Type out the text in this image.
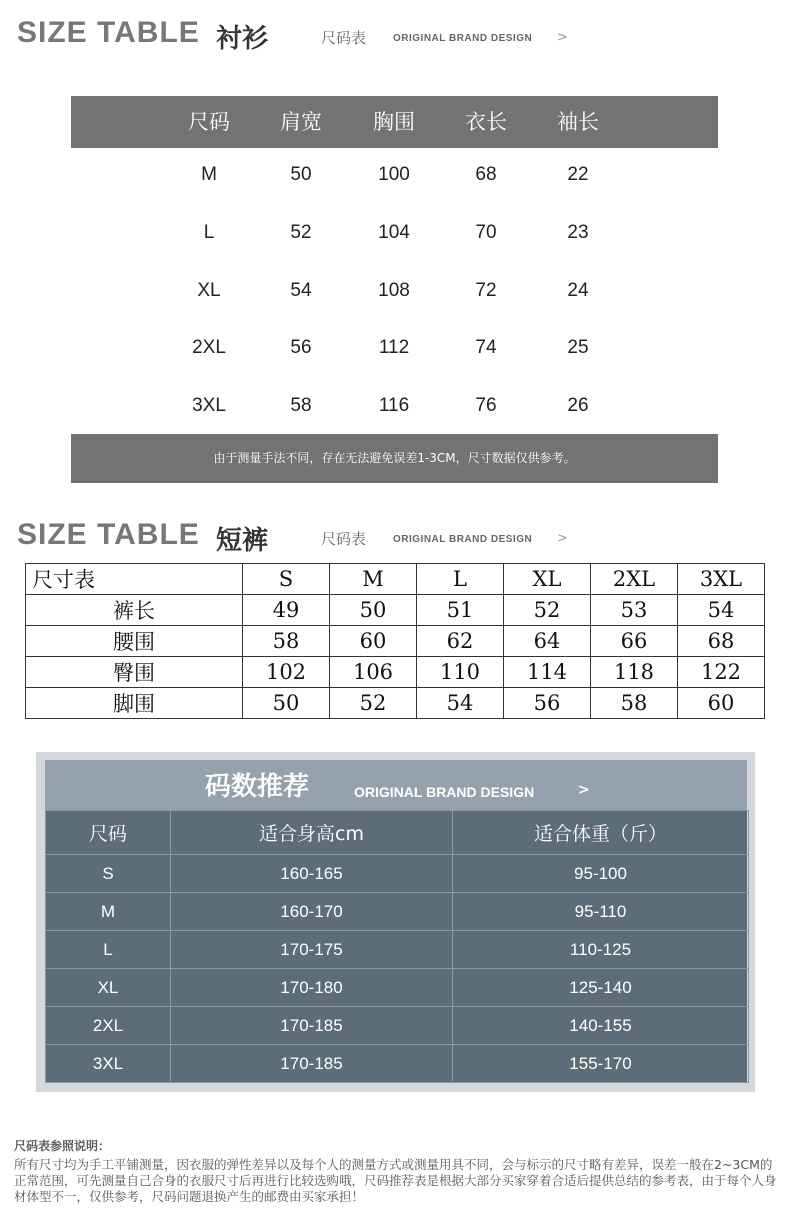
SIZE TABLE 衬衫	尺码表	ORIGINAL BRAND DESIGN >
尺码 肩宽 胸围 衣长 袖长
M	50	100	68	22
L	52	104	70	23
XL	54	108	72	24
2XL	56	112	74	25
3XL	58	116	76	26
由于测量手法不同，存在无法避免误差1-3CM，尺寸数据仅供参考。
SIZE TABLE 短裤	尺码表	ORIGINAL BRAND DESIGN >
尺寸表	S	M	L	XL	2XL	3XL
裤长	49	50	51	52	53	54
腰围	58	60	62	64	66	68
臀围	102	106	110	114	118	122
脚围	50	52	54	56	58	60
码数推荐	ORIGINAL BRAND DESIGN	>
尺码	适合身高cm	适合体重（斤）
S	160-165	95-100
M	160-170	95-110
L	170-175	110-125
XL	170-180	125-140
2XL	170-185	140-155
3XL	170-185	155-170
尺码表参照说明：
所有尺寸均为手工平铺测量，因衣服的弹性差异以及每个人的测量方式或测量用具不同，会与标示的尺寸略有差异，误差一般在2~3CM的正常范围，可先测量自己合身的衣服尺寸后再进行比较选购哦，尺码推荐表是根据大部分买家穿着合适后提供总结的参考表，由于每个人身材体型不一，仅供参考，尺码问题退换产生的邮费由买家承担！
